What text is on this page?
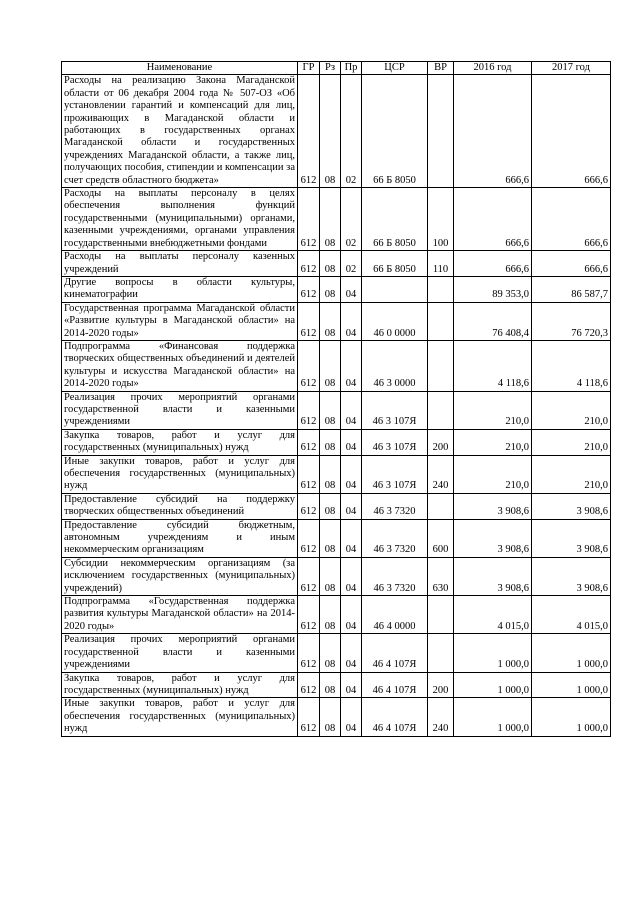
Наименование	ГР	Рз	Пр	ЦСР	ВР	2016 год	2017 год
Расходы на реализацию Закона Магаданской области от 06 декабря 2004 года № 507-ОЗ «Об установлении гарантий и компенсаций для лиц, проживающих в Магаданской области и работающих в государственных органах Магаданской области и государственных учреждениях Магаданской области, а также лиц, получающих пособия, стипендии и компенсации за счет средств областного бюджета»	612	08	02	66 Б 8050		666,6	666,6
Расходы на выплаты персоналу в целях обеспечения выполнения функций государственными (муниципальными) органами, казенными учреждениями, органами управления государственными внебюджетными фондами	612	08	02	66 Б 8050	100	666,6	666,6
Расходы на выплаты персоналу казенных учреждений	612	08	02	66 Б 8050	110	666,6	666,6
Другие вопросы в области культуры, кинематографии	612	08	04			89 353,0	86 587,7
Государственная программа Магаданской области «Развитие культуры в Магаданской области» на 2014-2020 годы»	612	08	04	46 0 0000		76 408,4	76 720,3
Подпрограмма «Финансовая поддержка творческих общественных объединений и деятелей культуры и искусства Магаданской области» на 2014-2020 годы»	612	08	04	46 3 0000		4 118,6	4 118,6
Реализация прочих мероприятий органами государственной власти и казенными учреждениями	612	08	04	46 3 107Я		210,0	210,0
Закупка товаров, работ и услуг для государственных (муниципальных) нужд	612	08	04	46 3 107Я	200	210,0	210,0
Иные закупки товаров, работ и услуг для обеспечения государственных (муниципальных) нужд	612	08	04	46 3 107Я	240	210,0	210,0
Предоставление субсидий на поддержку творческих общественных объединений	612	08	04	46 3 7320		3 908,6	3 908,6
Предоставление субсидий бюджетным, автономным учреждениям и иным некоммерческим организациям	612	08	04	46 3 7320	600	3 908,6	3 908,6
Субсидии некоммерческим организациям (за исключением государственных (муниципальных) учреждений)	612	08	04	46 3 7320	630	3 908,6	3 908,6
Подпрограмма «Государственная поддержка развития культуры Магаданской области» на 2014-2020 годы»	612	08	04	46 4 0000		4 015,0	4 015,0
Реализация прочих мероприятий органами государственной власти и казенными учреждениями	612	08	04	46 4 107Я		1 000,0	1 000,0
Закупка товаров, работ и услуг для государственных (муниципальных) нужд	612	08	04	46 4 107Я	200	1 000,0	1 000,0
Иные закупки товаров, работ и услуг для обеспечения государственных (муниципальных) нужд	612	08	04	46 4 107Я	240	1 000,0	1 000,0
